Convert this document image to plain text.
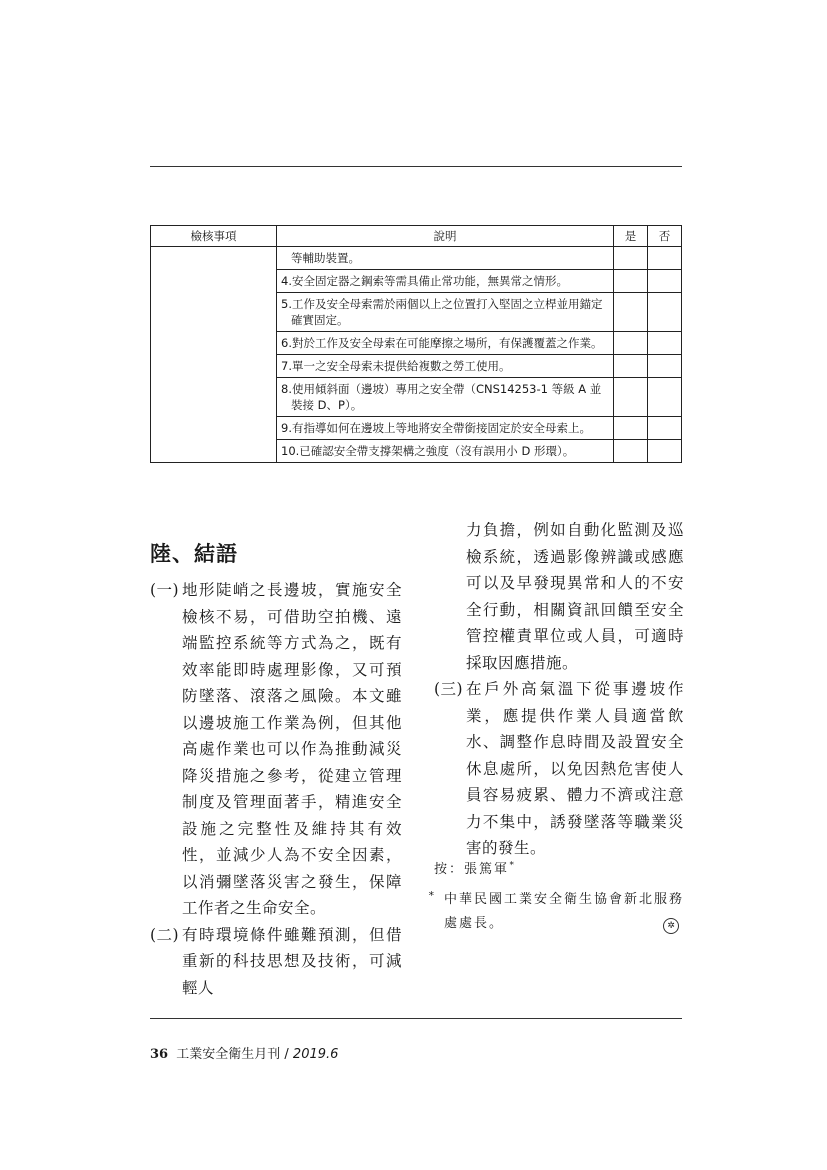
檢核事項	說明	是	否

	等輔助裝置。		

	4.安全固定器之鋼索等需具備止常功能，無異常之情形。		

	5.工作及安全母索需於兩個以上之位置打入堅固之立桿並用錨定確實固定。		

	6.對於工作及安全母索在可能摩擦之場所，有保護覆蓋之作業。		

	7.單一之安全母索未提供給複數之勞工使用。		

	8.使用傾斜面（邊坡）專用之安全帶（CNS14253-1 等級 A 並裝接 D、P）。		

	9.有指導如何在邊坡上等地將安全帶銜接固定於安全母索上。		

	10.已確認安全帶支撐架構之強度（沒有誤用小 D 形環）。		

陸、結語
(一) 地形陡峭之長邊坡，實施安全檢核不易，可借助空拍機、遠端監控系統等方式為之，既有效率能即時處理影像，又可預防墜落、滾落之風險。本文雖以邊坡施工作業為例，但其他高處作業也可以作為推動減災降災措施之參考，從建立管理制度及管理面著手，精進安全設施之完整性及維持其有效性，並減少人為不安全因素，以消彌墜落災害之發生，保障工作者之生命安全。
(二) 有時環境條件雖難預測，但借重新的科技思想及技術，可減輕人
力負擔，例如自動化監測及巡檢系統，透過影像辨識或感應可以及早發現異常和人的不安全行動，相關資訊回饋至安全管控權責單位或人員，可適時採取因應措施。
(三) 在戶外高氣溫下從事邊坡作業，應提供作業人員適當飲水、調整作息時間及設置安全休息處所，以免因熱危害使人員容易疲累、體力不濟或注意力不集中，誘發墜落等職業災害的發生。
按：張篤軍*
* 中華民國工業安全衛生協會新北服務處處長。	✲
36 工業安全衛生月刊 / 2019.6
